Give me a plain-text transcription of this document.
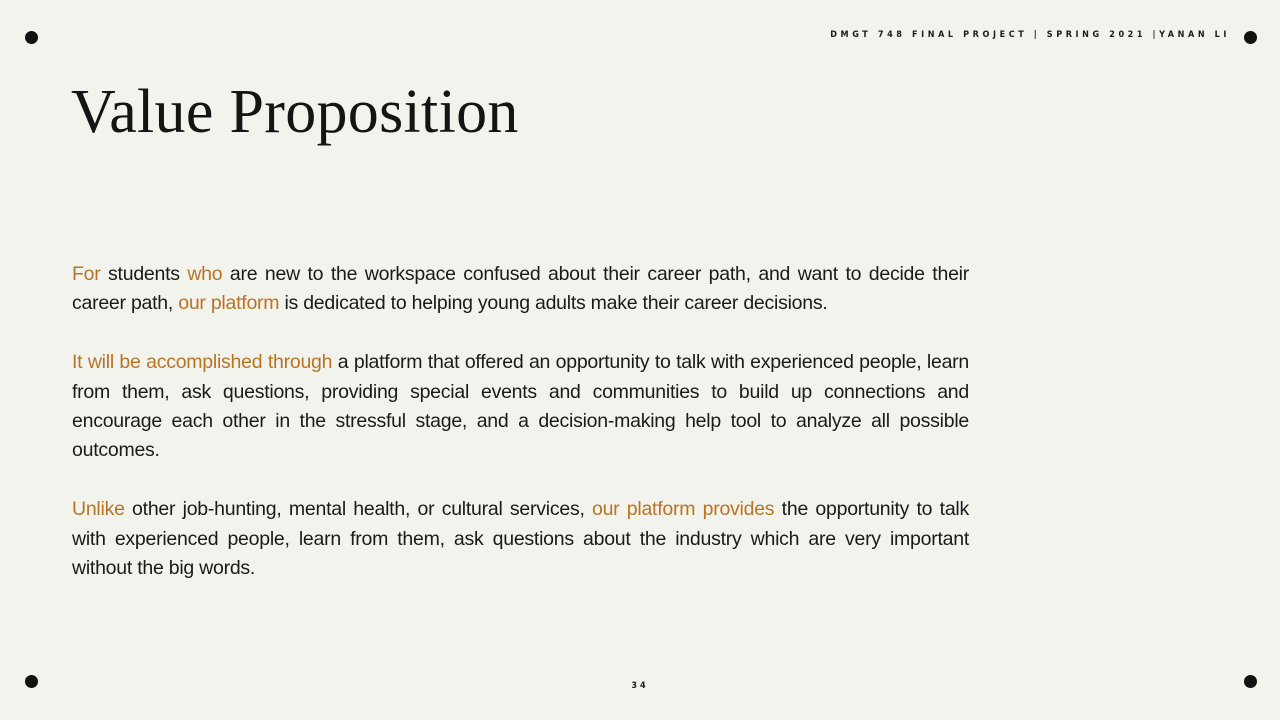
DMGT 748 FINAL PROJECT | SPRING 2021 |YANAN LI
Value Proposition

For students who are new to the workspace confused about their career path, and want to decide their career path, our platform is dedicated to helping young adults make their career decisions.

It will be accomplished through a platform that offered an opportunity to talk with experienced people, learn from them, ask questions, providing special events and communities to build up connections and encourage each other in the stressful stage, and a decision-making help tool to analyze all possible outcomes.

Unlike other job-hunting, mental health, or cultural services, our platform provides the opportunity to talk with experienced people, learn from them, ask questions about the industry which are very important without the big words.

34
